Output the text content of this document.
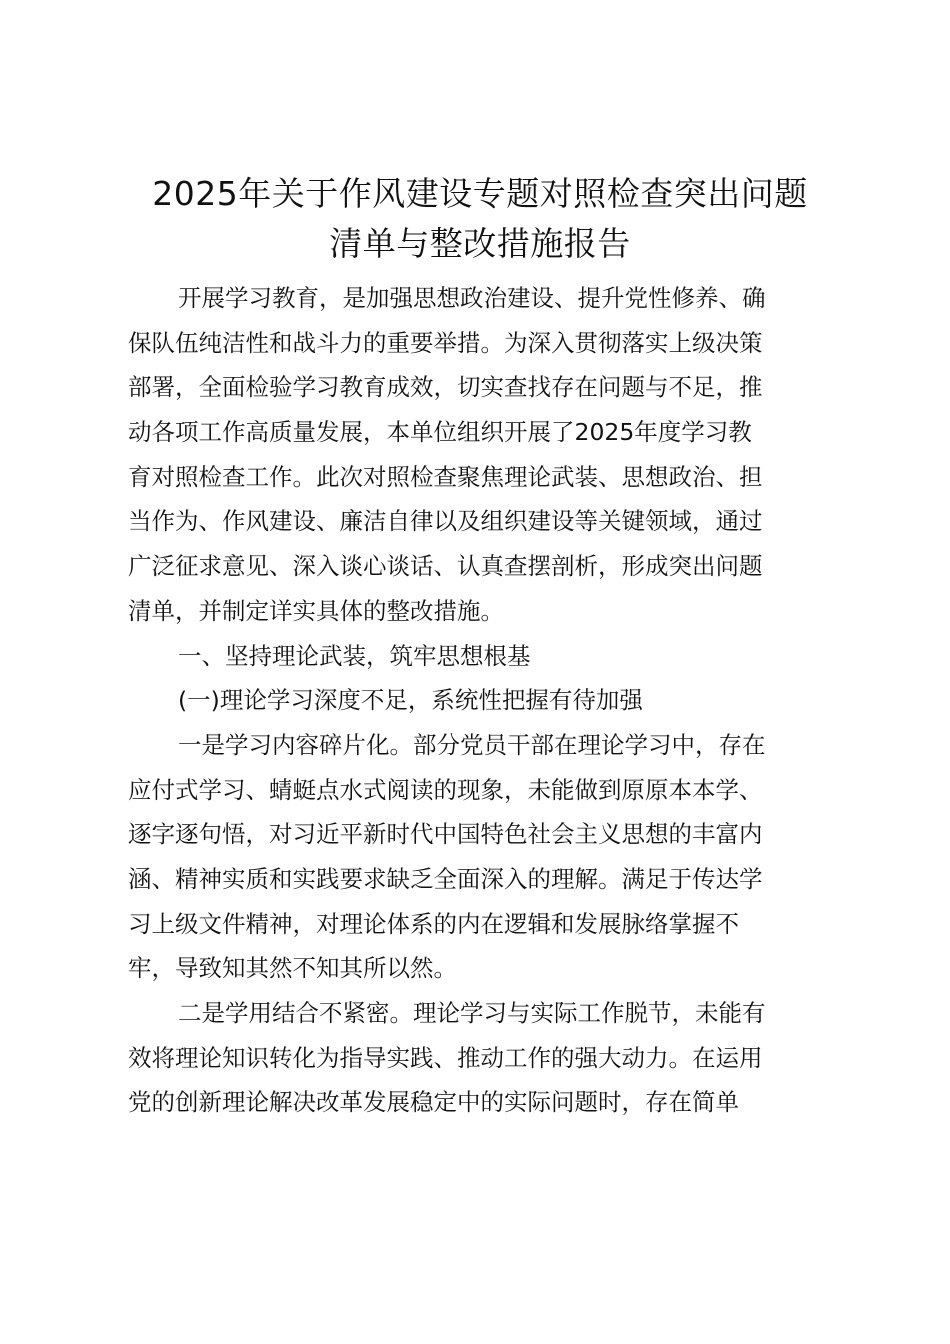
2025年关于作风建设专题对照检查突出问题
清单与整改措施报告

开展学习教育，是加强思想政治建设、提升党性修养、确

保队伍纯洁性和战斗力的重要举措。为深入贯彻落实上级决策

部署，全面检验学习教育成效，切实查找存在问题与不足，推

动各项工作高质量发展，本单位组织开展了2025年度学习教

育对照检查工作。此次对照检查聚焦理论武装、思想政治、担

当作为、作风建设、廉洁自律以及组织建设等关键领域，通过

广泛征求意见、深入谈心谈话、认真查摆剖析，形成突出问题

清单，并制定详实具体的整改措施。

一、坚持理论武装，筑牢思想根基

(一)理论学习深度不足，系统性把握有待加强

一是学习内容碎片化。部分党员干部在理论学习中，存在

应付式学习、蜻蜓点水式阅读的现象，未能做到原原本本学、

逐字逐句悟，对习近平新时代中国特色社会主义思想的丰富内

涵、精神实质和实践要求缺乏全面深入的理解。满足于传达学

习上级文件精神，对理论体系的内在逻辑和发展脉络掌握不

牢，导致知其然不知其所以然。

二是学用结合不紧密。理论学习与实际工作脱节，未能有

效将理论知识转化为指导实践、推动工作的强大动力。在运用

党的创新理论解决改革发展稳定中的实际问题时，存在简单
